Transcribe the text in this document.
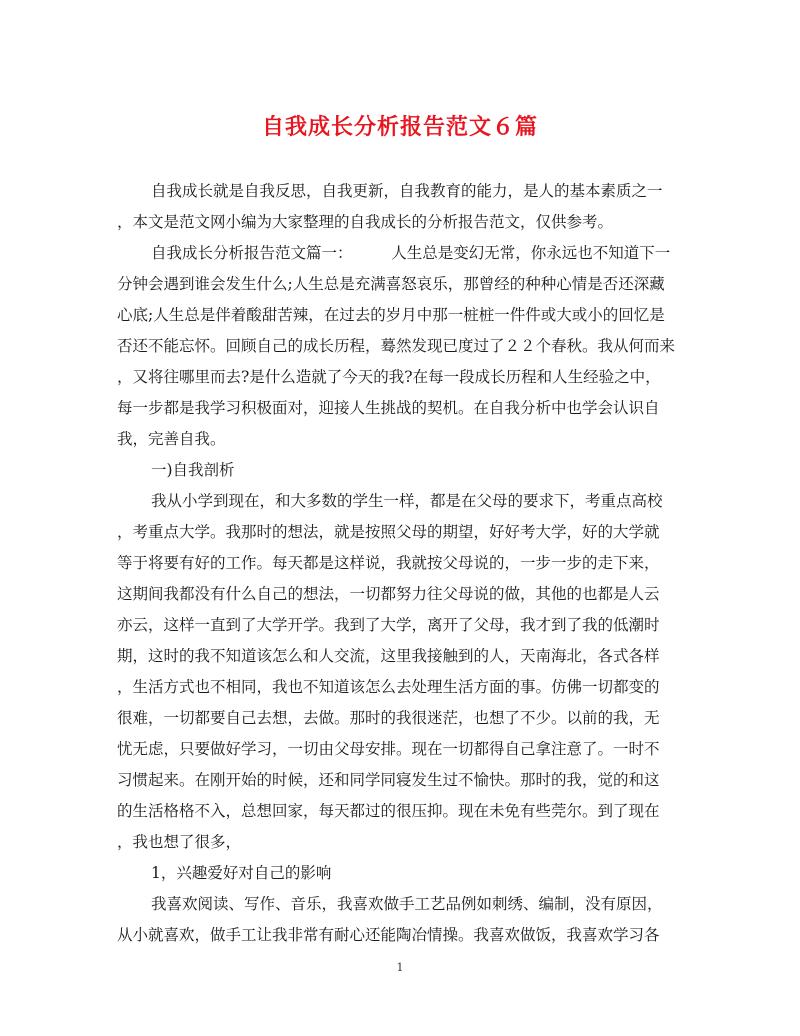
自我成长分析报告范文６篇
自我成长就是自我反思，自我更新，自我教育的能力，是人的基本素质之一
，本文是范文网小编为大家整理的自我成长的分析报告范文，仅供参考。
自我成长分析报告范文篇一：　　　人生总是变幻无常，你永远也不知道下一
分钟会遇到谁会发生什么;人生总是充满喜怒哀乐，那曾经的种种心情是否还深藏
心底;人生总是伴着酸甜苦辣，在过去的岁月中那一桩桩一件件或大或小的回忆是
否还不能忘怀。回顾自己的成长历程，蓦然发现已度过了２２个春秋。我从何而来
，又将往哪里而去?是什么造就了今天的我?在每一段成长历程和人生经验之中，
每一步都是我学习积极面对，迎接人生挑战的契机。在自我分析中也学会认识自
我，完善自我。
一)自我剖析
我从小学到现在，和大多数的学生一样，都是在父母的要求下，考重点高校
，考重点大学。我那时的想法，就是按照父母的期望，好好考大学，好的大学就
等于将要有好的工作。每天都是这样说，我就按父母说的，一步一步的走下来，
这期间我都没有什么自己的想法，一切都努力往父母说的做，其他的也都是人云
亦云，这样一直到了大学开学。我到了大学，离开了父母，我才到了我的低潮时
期，这时的我不知道该怎么和人交流，这里我接触到的人，天南海北，各式各样
，生活方式也不相同，我也不知道该怎么去处理生活方面的事。仿佛一切都变的
很难，一切都要自己去想，去做。那时的我很迷茫，也想了不少。以前的我，无
忧无虑，只要做好学习，一切由父母安排。现在一切都得自己拿注意了。一时不
习惯起来。在刚开始的时候，还和同学同寝发生过不愉快。那时的我，觉的和这
的生活格格不入，总想回家，每天都过的很压抑。现在未免有些莞尔。到了现在
，我也想了很多，
1，兴趣爱好对自己的影响
我喜欢阅读、写作、音乐，我喜欢做手工艺品例如刺绣、编制，没有原因，
从小就喜欢，做手工让我非常有耐心还能陶冶情操。我喜欢做饭，我喜欢学习各
1
